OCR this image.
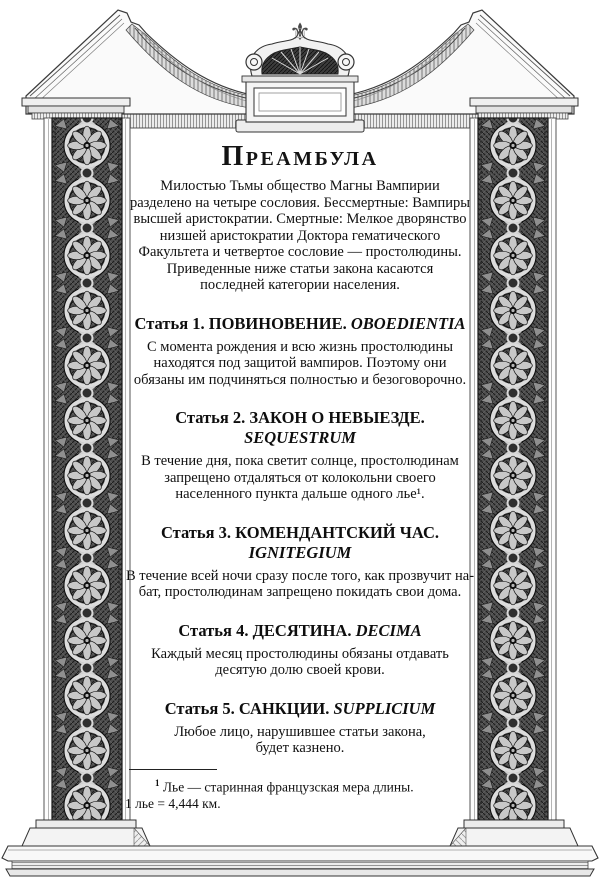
⚜
Преамбула
Милостью Тьмы общество Магны Вампирии
разделено на четыре сословия. Бессмертные: Вампиры
высшей аристократии. Смертные: Мелкое дворянство
низшей аристократии Доктора гематического
Факультета и четвертое сословие — простолюдины.
Приведенные ниже статьи закона касаются
последней категории населения.
Статья 1. ПОВИНОВЕНИЕ. OBOEDIENTIA
С момента рождения и всю жизнь простолюдины
находятся под защитой вампиров. Поэтому они
обязаны им подчиняться полностью и безоговорочно.
Статья 2. ЗАКОН О НЕВЫЕЗДЕ.
SEQUESTRUM
В течение дня, пока светит солнце, простолюдинам
запрещено отдаляться от колокольни своего
населенного пункта дальше одного лье¹.
Статья 3. КОМЕНДАНТСКИЙ ЧАС.
IGNITEGIUM
В течение всей ночи сразу после того, как прозвучит на-
бат, простолюдинам запрещено покидать свои дома.
Статья 4. ДЕСЯТИНА. DECIMA
Каждый месяц простолюдины обязаны отдавать
десятую долю своей крови.
Статья 5. САНКЦИИ. SUPPLICIUM
Любое лицо, нарушившее статьи закона,
будет казнено.
$^1$ Лье — старинная французская мера длины.
1 лье = 4,444 км.
